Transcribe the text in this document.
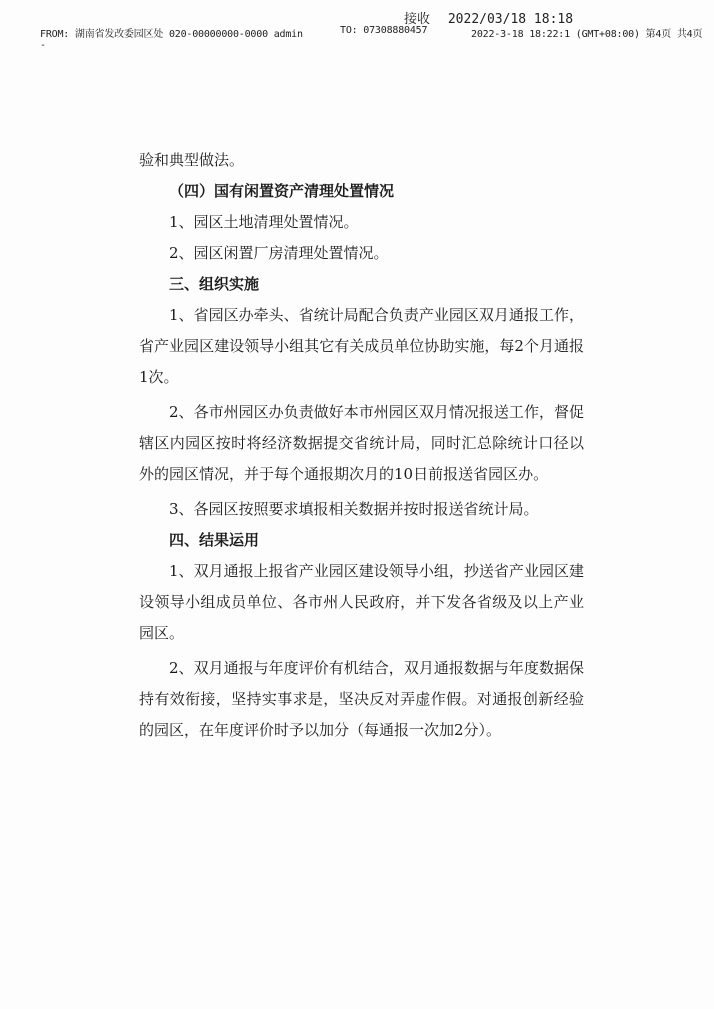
接收 2022/03/18 18:18
FROM: 湖南省发改委园区处 020-00000000-0000 admin	TO: 07308880457	2022-3-18 18:22:1 (GMT+08:00) 第4页 共4页
-

验和典型做法。

（四）国有闲置资产清理处置情况

1、园区土地清理处置情况。

2、园区闲置厂房清理处置情况。

三、组织实施

1、省园区办牵头、省统计局配合负责产业园区双月通报工作，省产业园区建设领导小组其它有关成员单位协助实施，每2个月通报1次。

2、各市州园区办负责做好本市州园区双月情况报送工作，督促辖区内园区按时将经济数据提交省统计局，同时汇总除统计口径以外的园区情况，并于每个通报期次月的10日前报送省园区办。

3、各园区按照要求填报相关数据并按时报送省统计局。

四、结果运用

1、双月通报上报省产业园区建设领导小组，抄送省产业园区建设领导小组成员单位、各市州人民政府，并下发各省级及以上产业园区。

2、双月通报与年度评价有机结合，双月通报数据与年度数据保持有效衔接，坚持实事求是，坚决反对弄虚作假。对通报创新经验的园区，在年度评价时予以加分（每通报一次加2分）。
